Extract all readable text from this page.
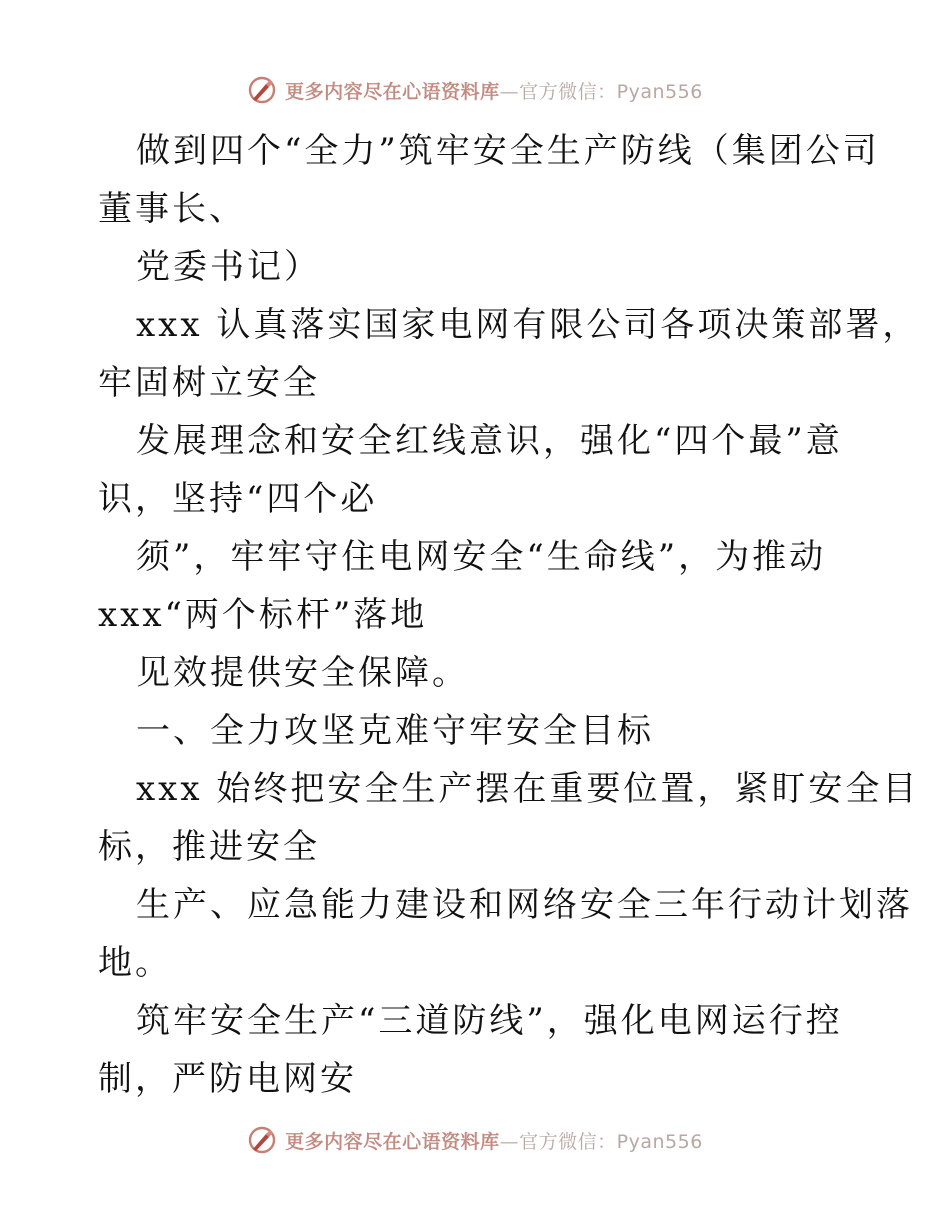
更多内容尽在心语资料库—官方微信：Pyan556
做到四个“全力”筑牢安全生产防线（集团公司
董事长、
党委书记）
xxx 认真落实国家电网有限公司各项决策部署，
牢固树立安全
发展理念和安全红线意识，强化“四个最”意
识，坚持“四个必
须”，牢牢守住电网安全“生命线”，为推动
xxx“两个标杆”落地
见效提供安全保障。
一、全力攻坚克难守牢安全目标
xxx 始终把安全生产摆在重要位置，紧盯安全目
标，推进安全
生产、应急能力建设和网络安全三年行动计划落
地。
筑牢安全生产“三道防线”，强化电网运行控
制，严防电网安
更多内容尽在心语资料库—官方微信：Pyan556
